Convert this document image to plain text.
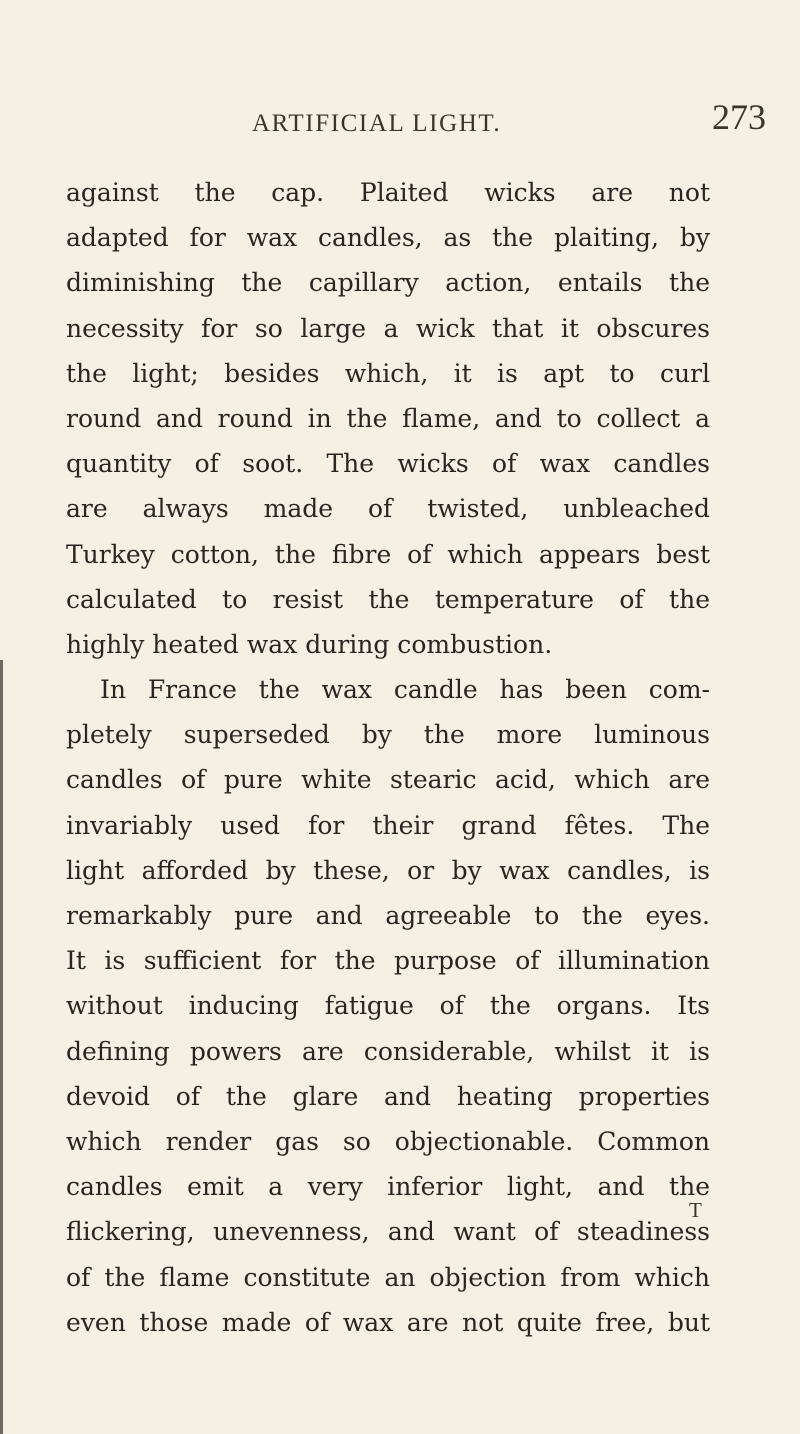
ARTIFICIAL LIGHT.	273
against the cap. Plaited wicks are not
adapted for wax candles, as the plaiting, by
diminishing the capillary action, entails the
necessity for so large a wick that it obscures
the light; besides which, it is apt to curl
round and round in the flame, and to collect a
quantity of soot. The wicks of wax candles
are always made of twisted, unbleached
Turkey cotton, the fibre of which appears best
calculated to resist the temperature of the
highly heated wax during combustion.
In France the wax candle has been com-
pletely superseded by the more luminous
candles of pure white stearic acid, which are
invariably used for their grand fêtes. The
light afforded by these, or by wax candles, is
remarkably pure and agreeable to the eyes.
It is sufficient for the purpose of illumination
without inducing fatigue of the organs. Its
defining powers are considerable, whilst it is
devoid of the glare and heating properties
which render gas so objectionable. Common
candles emit a very inferior light, and the
flickering, unevenness, and want of steadiness
of the flame constitute an objection from which
even those made of wax are not quite free, but
T
